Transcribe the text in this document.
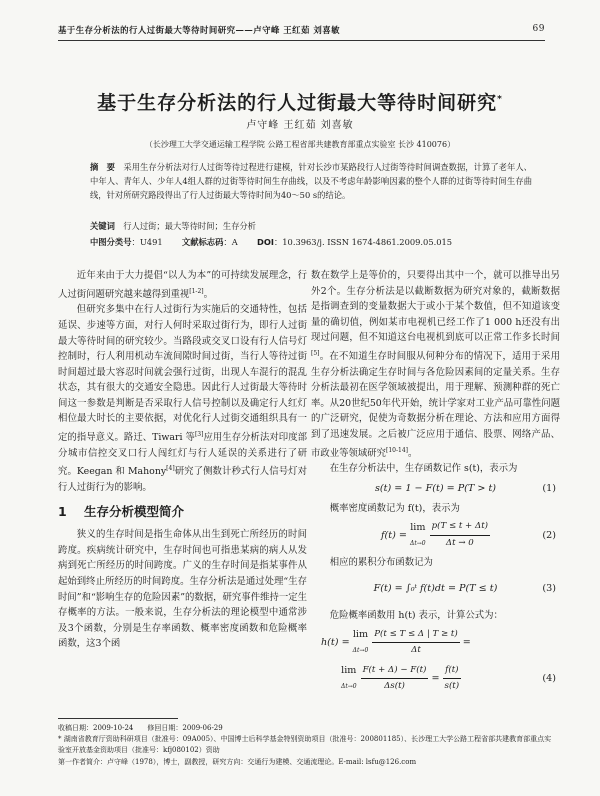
基于生存分析法的行人过街最大等待时间研究——卢守峰 王红茹 刘喜敏	69
基于生存分析法的行人过街最大等待时间研究*
卢守峰 王红茹 刘喜敏
（长沙理工大学交通运输工程学院 公路工程省部共建教育部重点实验室 长沙 410076）
摘　要　 采用生存分析法对行人过街等待过程进行建模，针对长沙市某路段行人过街等待时间调查数据，计算了老年人、中年人、青年人、少年人4组人群的过街等待时间生存曲线，以及不考虑年龄影响因素的整个人群的过街等待时间生存曲线，针对所研究路段得出了行人过街最大等待时间为40～50 s的结论。
关键词　 行人过街；最大等待时间；生存分析
中图分类号：U491　　 文献标志码：A　　 DOI：10.3963/j. ISSN 1674-4861.2009.05.015

近年来由于大力提倡“以人为本”的可持续发展理念，行人过街问题研究越来越得到重视[1-2]。

但研究多集中在行人过街行为实施后的交通特性，包括延误、步速等方面，对行人何时采取过街行为，即行人过街最大等待时间的研究较少。当路段或交叉口设有行人信号灯控制时，行人利用机动车流间隙时间过街，当行人等待过街时间超过最大容忍时间就会强行过街，出现人车混行的混乱状态，其有很大的交通安全隐患。因此行人过街最大等待时间这一参数是判断是否采取行人信号控制以及确定行人红灯相位最大时长的主要依据，对优化行人过街交通组织具有一定的指导意义。路迁、Tiwari 等[3]应用生存分析法对印度部分城市信控交叉口行人闯红灯与行人延误的关系进行了研究。Keegan 和 Mahony[4]研究了侧数计秒式行人信号灯对行人过街行为的影响。

1 生存分析模型简介

狭义的生存时间是指生命体从出生到死亡所经历的时间跨度。疾病统计研究中，生存时间也可指患某病的病人从发病到死亡所经历的时间跨度。广义的生存时间是指某事件从起始到终止所经历的时间跨度。生存分析法是通过处理“生存时间”和“影响生存的危险因素”的数据，研究事件维持一定生存概率的方法。一般来说，生存分析法的理论模型中通常涉及3个函数，分别是生存率函数、概率密度函数和危险概率函数，这3个函

数在数学上是等价的，只要得出其中一个，就可以推导出另外2个。生存分析法是以截断数据为研究对象的，截断数据是指调查到的变量数据大于或小于某个数值，但不知道该变量的确切值，例如某市电视机已经工作了1 000 h还没有出现过问题，但不知道这台电视机到底可以正常工作多长时间[5]。在不知道生存时间服从何种分布的情况下，适用于采用生存分析法确定生存时间与各危险因素间的定量关系。生存分析法最初在医学领域被提出，用于理解、预测种群的死亡率。从20世纪50年代开始，统计学家对工业产品可靠性问题的广泛研究，促使为奇数据分析在理论、方法和应用方面得到了迅速发展。之后被广泛应用于通信、股票、网络产品、市政业等领域研究[10-14]。

在生存分析法中，生存函数记作 s(t)，表示为

s(t) = 1 − F(t) = P(T > t)	(1)

概率密度函数记为 f(t)，表示为

f(t) =

lim
$\Delta t\to 0 \frac{p(T \le t + \Delta t)}{\Delta t \to 0}$	(2)

相应的累积分布函数记为

F(t) = ∫₀ᵗ f(t)dt = P(T ≤ t)	(3)

危险概率函数用 h(t) 表示，计算公式为：

h(t) =

lim
$\Delta t\to 0 \frac{P(t \le T \le \Delta | T \ge t)}{\Delta t}$
=
lim
$\Delta t\to 0 \frac{F(t + \Delta) - F(t)}{\Delta s(t)}$
=
$\frac{f(t)}{s(t)}$	(4)
收稿日期：2009-10-24　　修回日期：2009-06-29
* 湖南省教育厅资助科研项目（批准号：09A005）、中国博士后科学基金特别资助项目（批准号：200801185）、长沙理工大学公路工程省部共建教育部重点实验室开放基金资助项目（批准号：kfj080102）资助
第一作者简介：卢守峰（1978），博士，副教授，研究方向：交通行为建模、交通流理论。E-mail: lsfu@126.com
